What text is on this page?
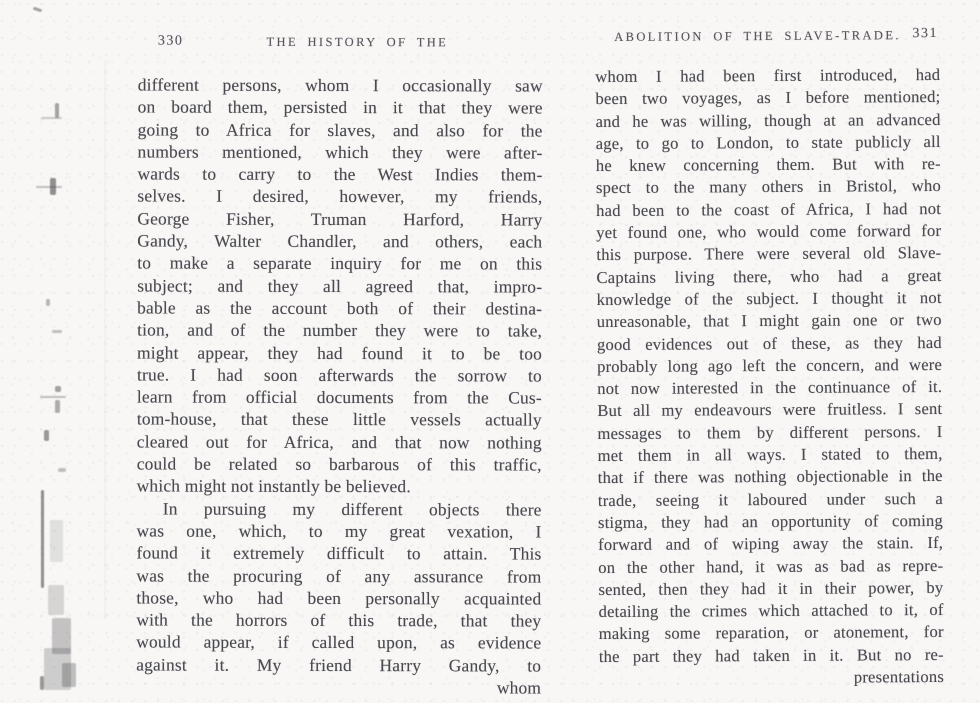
330	THE HISTORY OF THE
different persons, whom I occasionally saw
on board them, persisted in it that they were
going to Africa for slaves, and also for the
numbers mentioned, which they were after-
wards to carry to the West Indies them-
selves. I desired, however, my friends,
George Fisher, Truman Harford, Harry
Gandy, Walter Chandler, and others, each
to make a separate inquiry for me on this
subject; and they all agreed that, impro-
bable as the account both of their destina-
tion, and of the number they were to take,
might appear, they had found it to be too
true. I had soon afterwards the sorrow to
learn from official documents from the Cus-
tom-house, that these little vessels actually
cleared out for Africa, and that now nothing
could be related so barbarous of this traffic,
which might not instantly be believed.
In pursuing my different objects there
was one, which, to my great vexation, I
found it extremely difficult to attain. This
was the procuring of any assurance from
those, who had been personally acquainted
with the horrors of this trade, that they
would appear, if called upon, as evidence
against it. My friend Harry Gandy, to
whom
ABOLITION OF THE SLAVE-TRADE. 331
whom I had been first introduced, had
been two voyages, as I before mentioned;
and he was willing, though at an advanced
age, to go to London, to state publicly all
he knew concerning them. But with re-
spect to the many others in Bristol, who
had been to the coast of Africa, I had not
yet found one, who would come forward for
this purpose. There were several old Slave-
Captains living there, who had a great
knowledge of the subject. I thought it not
unreasonable, that I might gain one or two
good evidences out of these, as they had
probably long ago left the concern, and were
not now interested in the continuance of it.
But all my endeavours were fruitless. I sent
messages to them by different persons. I
met them in all ways. I stated to them,
that if there was nothing objectionable in the
trade, seeing it laboured under such a
stigma, they had an opportunity of coming
forward and of wiping away the stain. If,
on the other hand, it was as bad as repre-
sented, then they had it in their power, by
detailing the crimes which attached to it, of
making some reparation, or atonement, for
the part they had taken in it. But no re-
presentations
